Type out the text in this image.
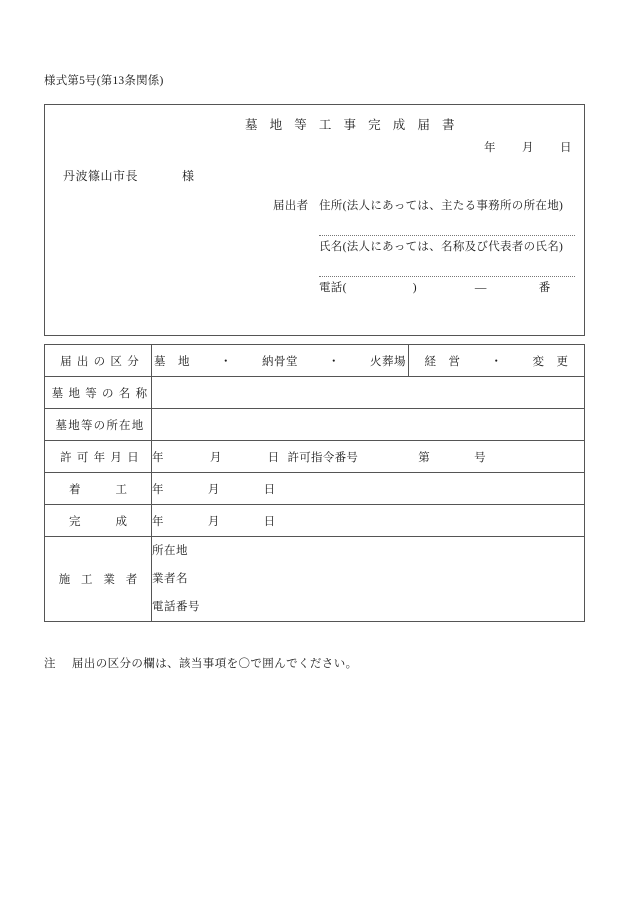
様式第5号(第13条関係)
墓 地 等 工 事 完 成 届 書
年 月 日
丹波篠山市長	様
届出者 住所(法人にあっては、主たる事務所の所在地)
氏名(法人にあっては、名称及び代表者の氏名)
電話(	)	―	番
届 出 の 区 分	墓　地 ・ 納骨堂 ・ 火葬場	経　営 ・ 変　更

墓 地 等 の 名 称		

墓地等の所在地		

許 可 年 月 日	年 月 日 許可指令番号 第 号	

着　　工	年 月 日	

完　　成	年 月 日	

施 工 業 者	所在地
業者名
電話番号	
注 届出の区分の欄は、該当事項を〇で囲んでください。
